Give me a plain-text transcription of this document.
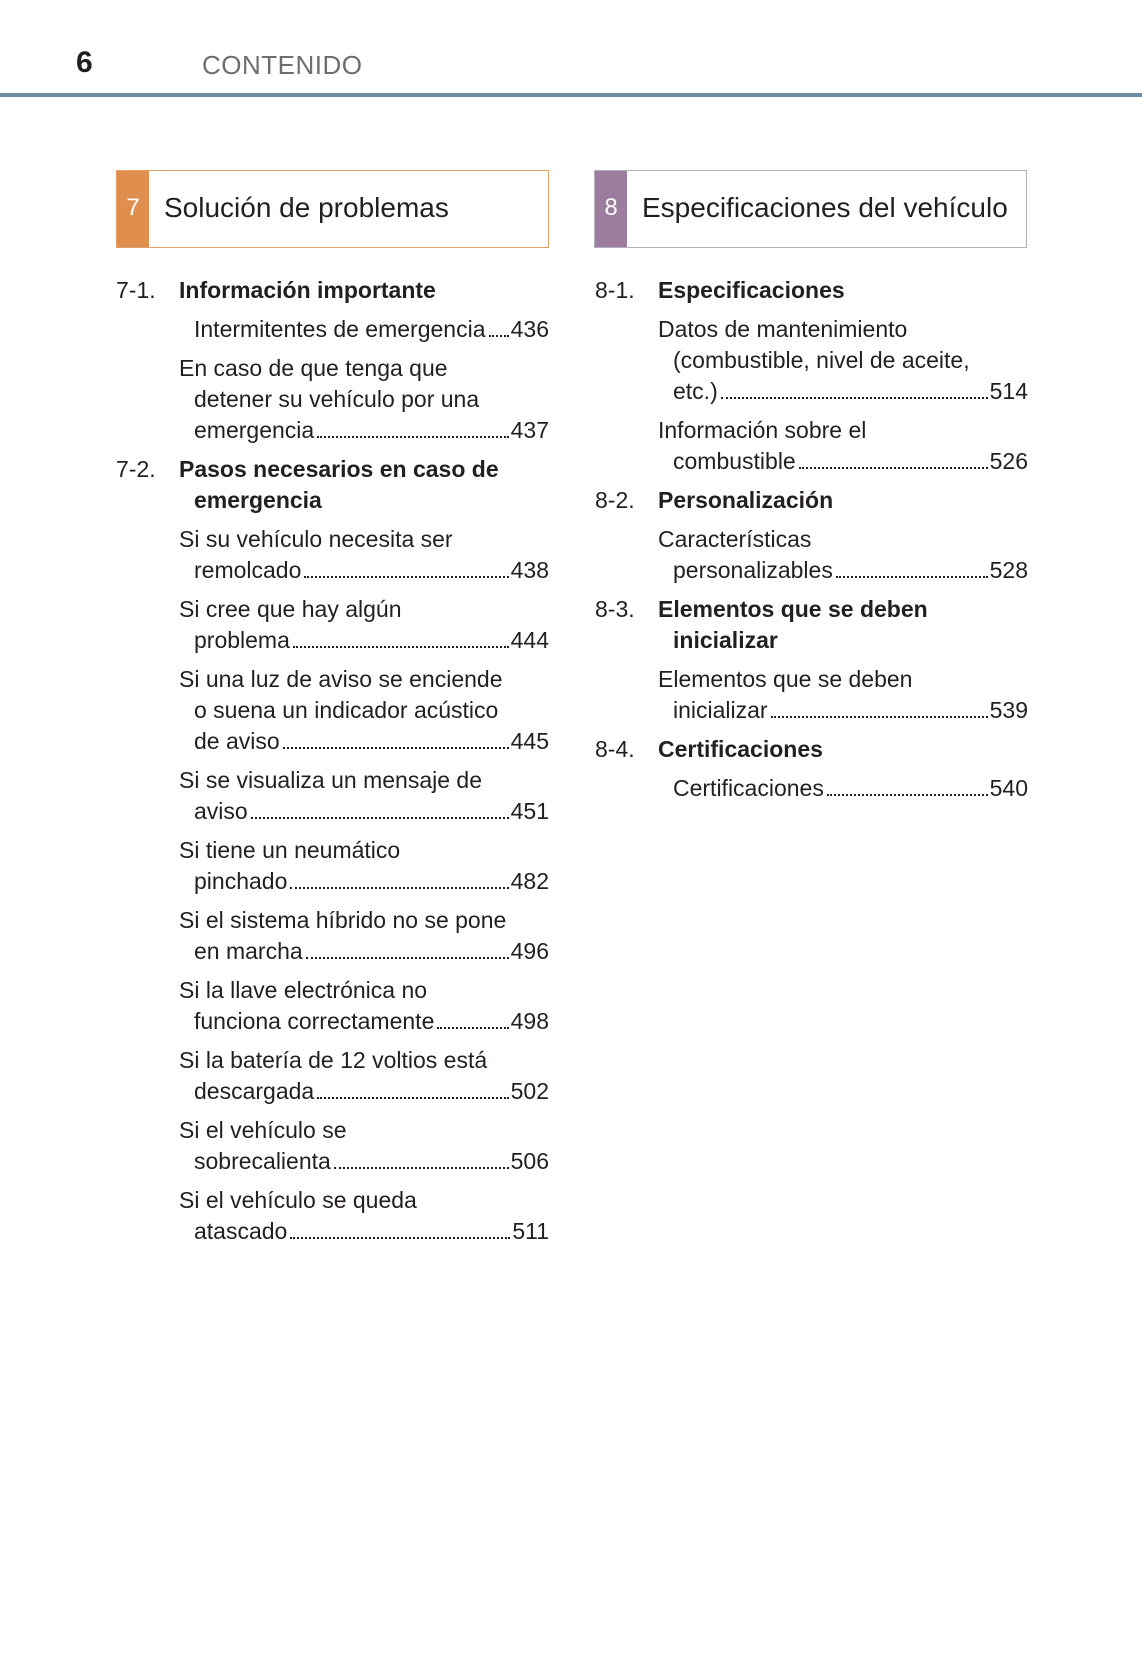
6	CONTENIDO
7 Solución de problemas	8 Especificaciones del vehículo
7-1. Información importante
Intermitentes de emergencia 436
En caso de que tenga que
detener su vehículo por una
emergencia	437
7-2. Pasos necesarios en caso de emergencia
Si su vehículo necesita ser
remolcado	438
Si cree que hay algún
problema	444
Si una luz de aviso se enciende
o suena un indicador acústico
de aviso	445
Si se visualiza un mensaje de
aviso	451
Si tiene un neumático
pinchado	482
Si el sistema híbrido no se pone
en marcha	496
Si la llave electrónica no
funciona correctamente	498
Si la batería de 12 voltios está
descargada	502
Si el vehículo se
sobrecalienta	506
Si el vehículo se queda
atascado	511
8-1. Especificaciones
Datos de mantenimiento
(combustible, nivel de aceite,
etc.)	514
Información sobre el
combustible	526
8-2. Personalización
Características
personalizables	528
8-3. Elementos que se deben inicializar
Elementos que se deben
inicializar	539
8-4. Certificaciones
Certificaciones	540
